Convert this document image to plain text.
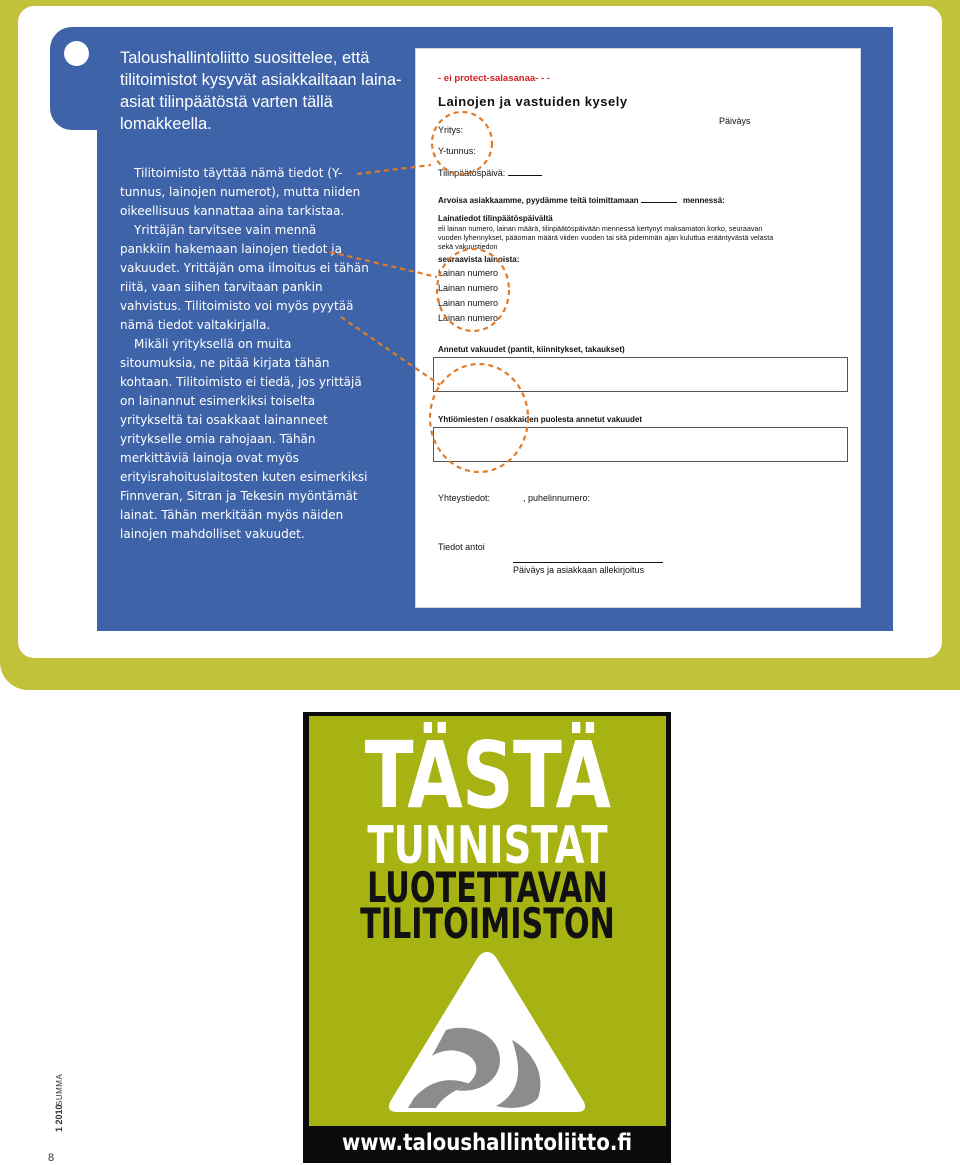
Taloushallintoliitto suosittelee, että tilitoimistot kysyvät asiakkailtaan laina-asiat tilinpäätöstä varten tällä lomakkeella.

Tilitoimisto täyttää nämä tiedot (Y-tunnus, lainojen numerot), mutta niiden oikeellisuus kannattaa aina tarkistaa.

Yrittäjän tarvitsee vain mennä pankkiin hakemaan lainojen tiedot ja vakuudet. Yrittäjän oma ilmoitus ei tähän riitä, vaan siihen tarvitaan pankin vahvistus. Tilitoimisto voi myös pyytää nämä tiedot valtakirjalla.

Mikäli yrityksellä on muita sitoumuksia, ne pitää kirjata tähän kohtaan. Tilitoimisto ei tiedä, jos yrittäjä on lainannut esimerkiksi toiselta yritykseltä tai osakkaat lainanneet yritykselle omia rahojaan. Tähän merkittäviä lainoja ovat myös erityisrahoituslaitosten kuten esimerkiksi Finnveran, Sitran ja Tekesin myöntämät lainat. Tähän merkitään myös näiden lainojen mahdolliset vakuudet.

- ei protect-salasanaa- - -
Lainojen ja vastuiden kysely
Päiväys
Yritys:
Y-tunnus:
Tilinpäätöspäivä:
Arvoisa asiakkaamme, pyydämme teitä toimittamaan	mennessä:
Lainatiedot tilinpäätöspäivältä
eli lainan numero, lainan määrä, tilinpäätöspäivään mennessä kertynyt maksamaton korko, seuraavan
vuoden lyhennykset, pääoman määrä viiden vuoden tai sitä pidemmän ajan kuluttua erääntyvästä velasta
sekä vakuustiedon
seuraavista lainoista:
Lainan numero
Lainan numero
Lainan numero
Lainan numero
Annetut vakuudet (pantit, kiinnitykset, takaukset)
Yhtiömiesten / osakkaiden puolesta annetut vakuudet
Yhteystiedot:	, puhelinnumero:
Tiedot antoi
Päiväys ja asiakkaan allekirjoitus
TÄSTÄ
TUNNISTAT
LUOTETTAVAN
TILITOIMISTON
www.taloushallintoliitto.fi
1 2010
SUMMA
8
